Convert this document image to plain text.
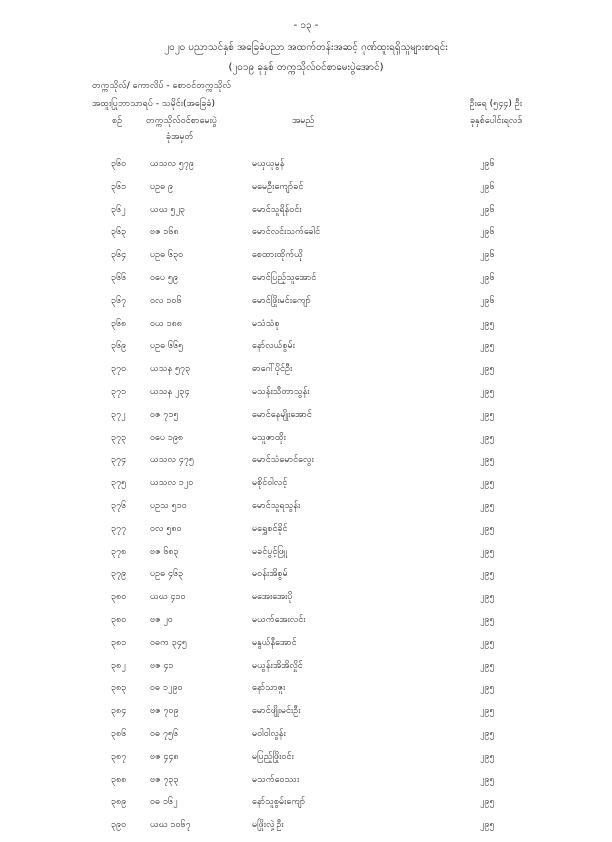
- ၁၃ -
၂၀၂၀ ပညာသင်နှစ် အခြေခံပညာ အထက်တန်းအဆင့် ဂုဏ်ထူးရရှိသူများစာရင်း
(၂၀၁၉ ခုနှစ် တက္ကသိုလ်ဝင်စာမေးပွဲအောင်)
တက္ကသိုလ်/ ကောလိပ် - စောဝင်တက္ကသိုလ်
အထူးပြုဘာသာရပ် - သမိုင်း(အခြေခံ)	ဦးရေ (၅၄၄) ဦး
စဉ်	တက္ကသိုလ်ဝင်စာမေးပွဲ	အမည်	ခုနှစ်ပေါင်းရလဒ်
ခုံအမှတ်
၃၆၀	ယသလ ၅၇၉	မယုယုမွန်	၂၉၆
၃၆၁	ပဥဓ ၉	မမေဦးကျော်ခင်	၂၉၆
၃၆၂	ယဃ ၅၂၃	မောင်သူရိန်ဝင်း	၂၉၆
၃၆၃	ဗဇ ၁၆၈	မောင်လင်းသက်ခေါင်	၂၉၆
၃၆၄	ပဥဓ ၆၃၀	စေထားထိုက်ယို	၂၉၆
၃၆၆	ဝပေ ၅၉	မောင်ပြည့်သူအောင်	၂၉၆
၃၆၇	ဝလ ၁၀၆	မောင်ဖြိုးမင်းကျော်	၂၉၆
၃၆၈	ဝယ ၁၈၈	မသံသံစု	၂၉၅
၃၆၉	ပဥဓ ၆၆၅	နော်လယ်စွမ်း	၂၉၅
၃၇၀	ယသန ၅၇၃	ဓာဂေါ်ပိုင်ဦး	၂၉၅
၃၇၁	ယသန ၂၃၄	မသန်းသီတာသွန်း	၂၉၅
၃၇၂	ဝဇ ၇၁၅	မောင်နေမျိုးအောင်	၂၉၅
၃၇၃	ဝပေ ၁၉၈	မသူဇာထိုး	၂၉၅
၃၇၄	ယသလ ၄၇၅	မောင်သံမောင်လွေး	၂၉၅
၃၇၅	ယသလ ၁၂၀	မစိုင်ဝါလင့်	၂၉၅
၃၇၆	ပဥသ ၅၁၀	မောင်သူရသွန်း	၂၉၅
၃၇၇	ဝလ ၅၈၀	မရွှေစင်ခိုင်	၂၉၅
၃၇၈	ဗဇ ၆၈၃	မခင်ပွင့်ဖြူ	၂၉၅
၃၇၉	ပဥဓ ၄၆၃	မဝန်းအိစွမ်	၂၉၅
၃၈၀	ယဃ ၄၁၀	မအေးအေးပို	၂၉၅
၃၈၀	ဗဇ ၂၀	မယက်အေးလင်း	၂၉၅
၃၈၁	ဝဓက ၃၄၅	မနွယ်နီအောင်	၂၉၅
၃၈၂	ဗဇ ၄၁	မယွန်းအိအိလှိုင်	၂၉၅
၃၈၃	ဝဓ ၁၂၉၀	နော်သာဇူး	၂၉၅
၃၈၄	ဗဇ ၇၀၉	မောင်ဖျိုးမင်းဦး	၂၉၅
၃၈၆	ဝဓ ၇၅၆	မဝါဝါလွန်း	၂၉၅
၃၈၇	ဗဇ ၄၄၈	မပြည့်ဖြိုးဝင်း	၂၉၅
၃၈၈	ဗဇ ၇၃၃	မသက်ဝေဿး	၂၉၅
၃၈၉	ဝဓ ၁၆၂	နော်သူစွမ်းကျော်	၂၉၅
၃၉၀	ယဃ ၁၀၆၇	မဖြိုးလှဲ့ဦး	၂၉၅
